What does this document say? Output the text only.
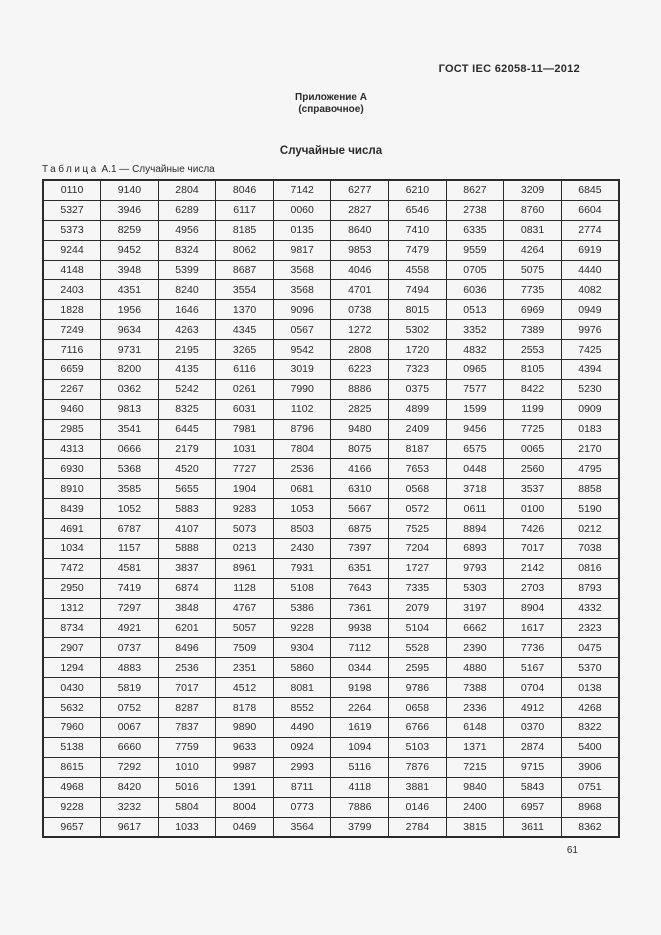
ГОСТ IEC 62058-11—2012
Приложение А
(справочное)
Случайные числа
Таблица А.1 — Случайные числа
0110	9140	2804	8046	7142	6277	6210	8627	3209	6845
5327	3946	6289	6117	0060	2827	6546	2738	8760	6604
5373	8259	4956	8185	0135	8640	7410	6335	0831	2774
9244	9452	8324	8062	9817	9853	7479	9559	4264	6919
4148	3948	5399	8687	3568	4046	4558	0705	5075	4440
2403	4351	8240	3554	3568	4701	7494	6036	7735	4082
1828	1956	1646	1370	9096	0738	8015	0513	6969	0949
7249	9634	4263	4345	0567	1272	5302	3352	7389	9976
7116	9731	2195	3265	9542	2808	1720	4832	2553	7425
6659	8200	4135	6116	3019	6223	7323	0965	8105	4394
2267	0362	5242	0261	7990	8886	0375	7577	8422	5230
9460	9813	8325	6031	1102	2825	4899	1599	1199	0909
2985	3541	6445	7981	8796	9480	2409	9456	7725	0183
4313	0666	2179	1031	7804	8075	8187	6575	0065	2170
6930	5368	4520	7727	2536	4166	7653	0448	2560	4795
8910	3585	5655	1904	0681	6310	0568	3718	3537	8858
8439	1052	5883	9283	1053	5667	0572	0611	0100	5190
4691	6787	4107	5073	8503	6875	7525	8894	7426	0212
1034	1157	5888	0213	2430	7397	7204	6893	7017	7038
7472	4581	3837	8961	7931	6351	1727	9793	2142	0816
2950	7419	6874	1128	5108	7643	7335	5303	2703	8793
1312	7297	3848	4767	5386	7361	2079	3197	8904	4332
8734	4921	6201	5057	9228	9938	5104	6662	1617	2323
2907	0737	8496	7509	9304	7112	5528	2390	7736	0475
1294	4883	2536	2351	5860	0344	2595	4880	5167	5370
0430	5819	7017	4512	8081	9198	9786	7388	0704	0138
5632	0752	8287	8178	8552	2264	0658	2336	4912	4268
7960	0067	7837	9890	4490	1619	6766	6148	0370	8322
5138	6660	7759	9633	0924	1094	5103	1371	2874	5400
8615	7292	1010	9987	2993	5116	7876	7215	9715	3906
4968	8420	5016	1391	8711	4118	3881	9840	5843	0751
9228	3232	5804	8004	0773	7886	0146	2400	6957	8968
9657	9617	1033	0469	3564	3799	2784	3815	3611	8362
61
